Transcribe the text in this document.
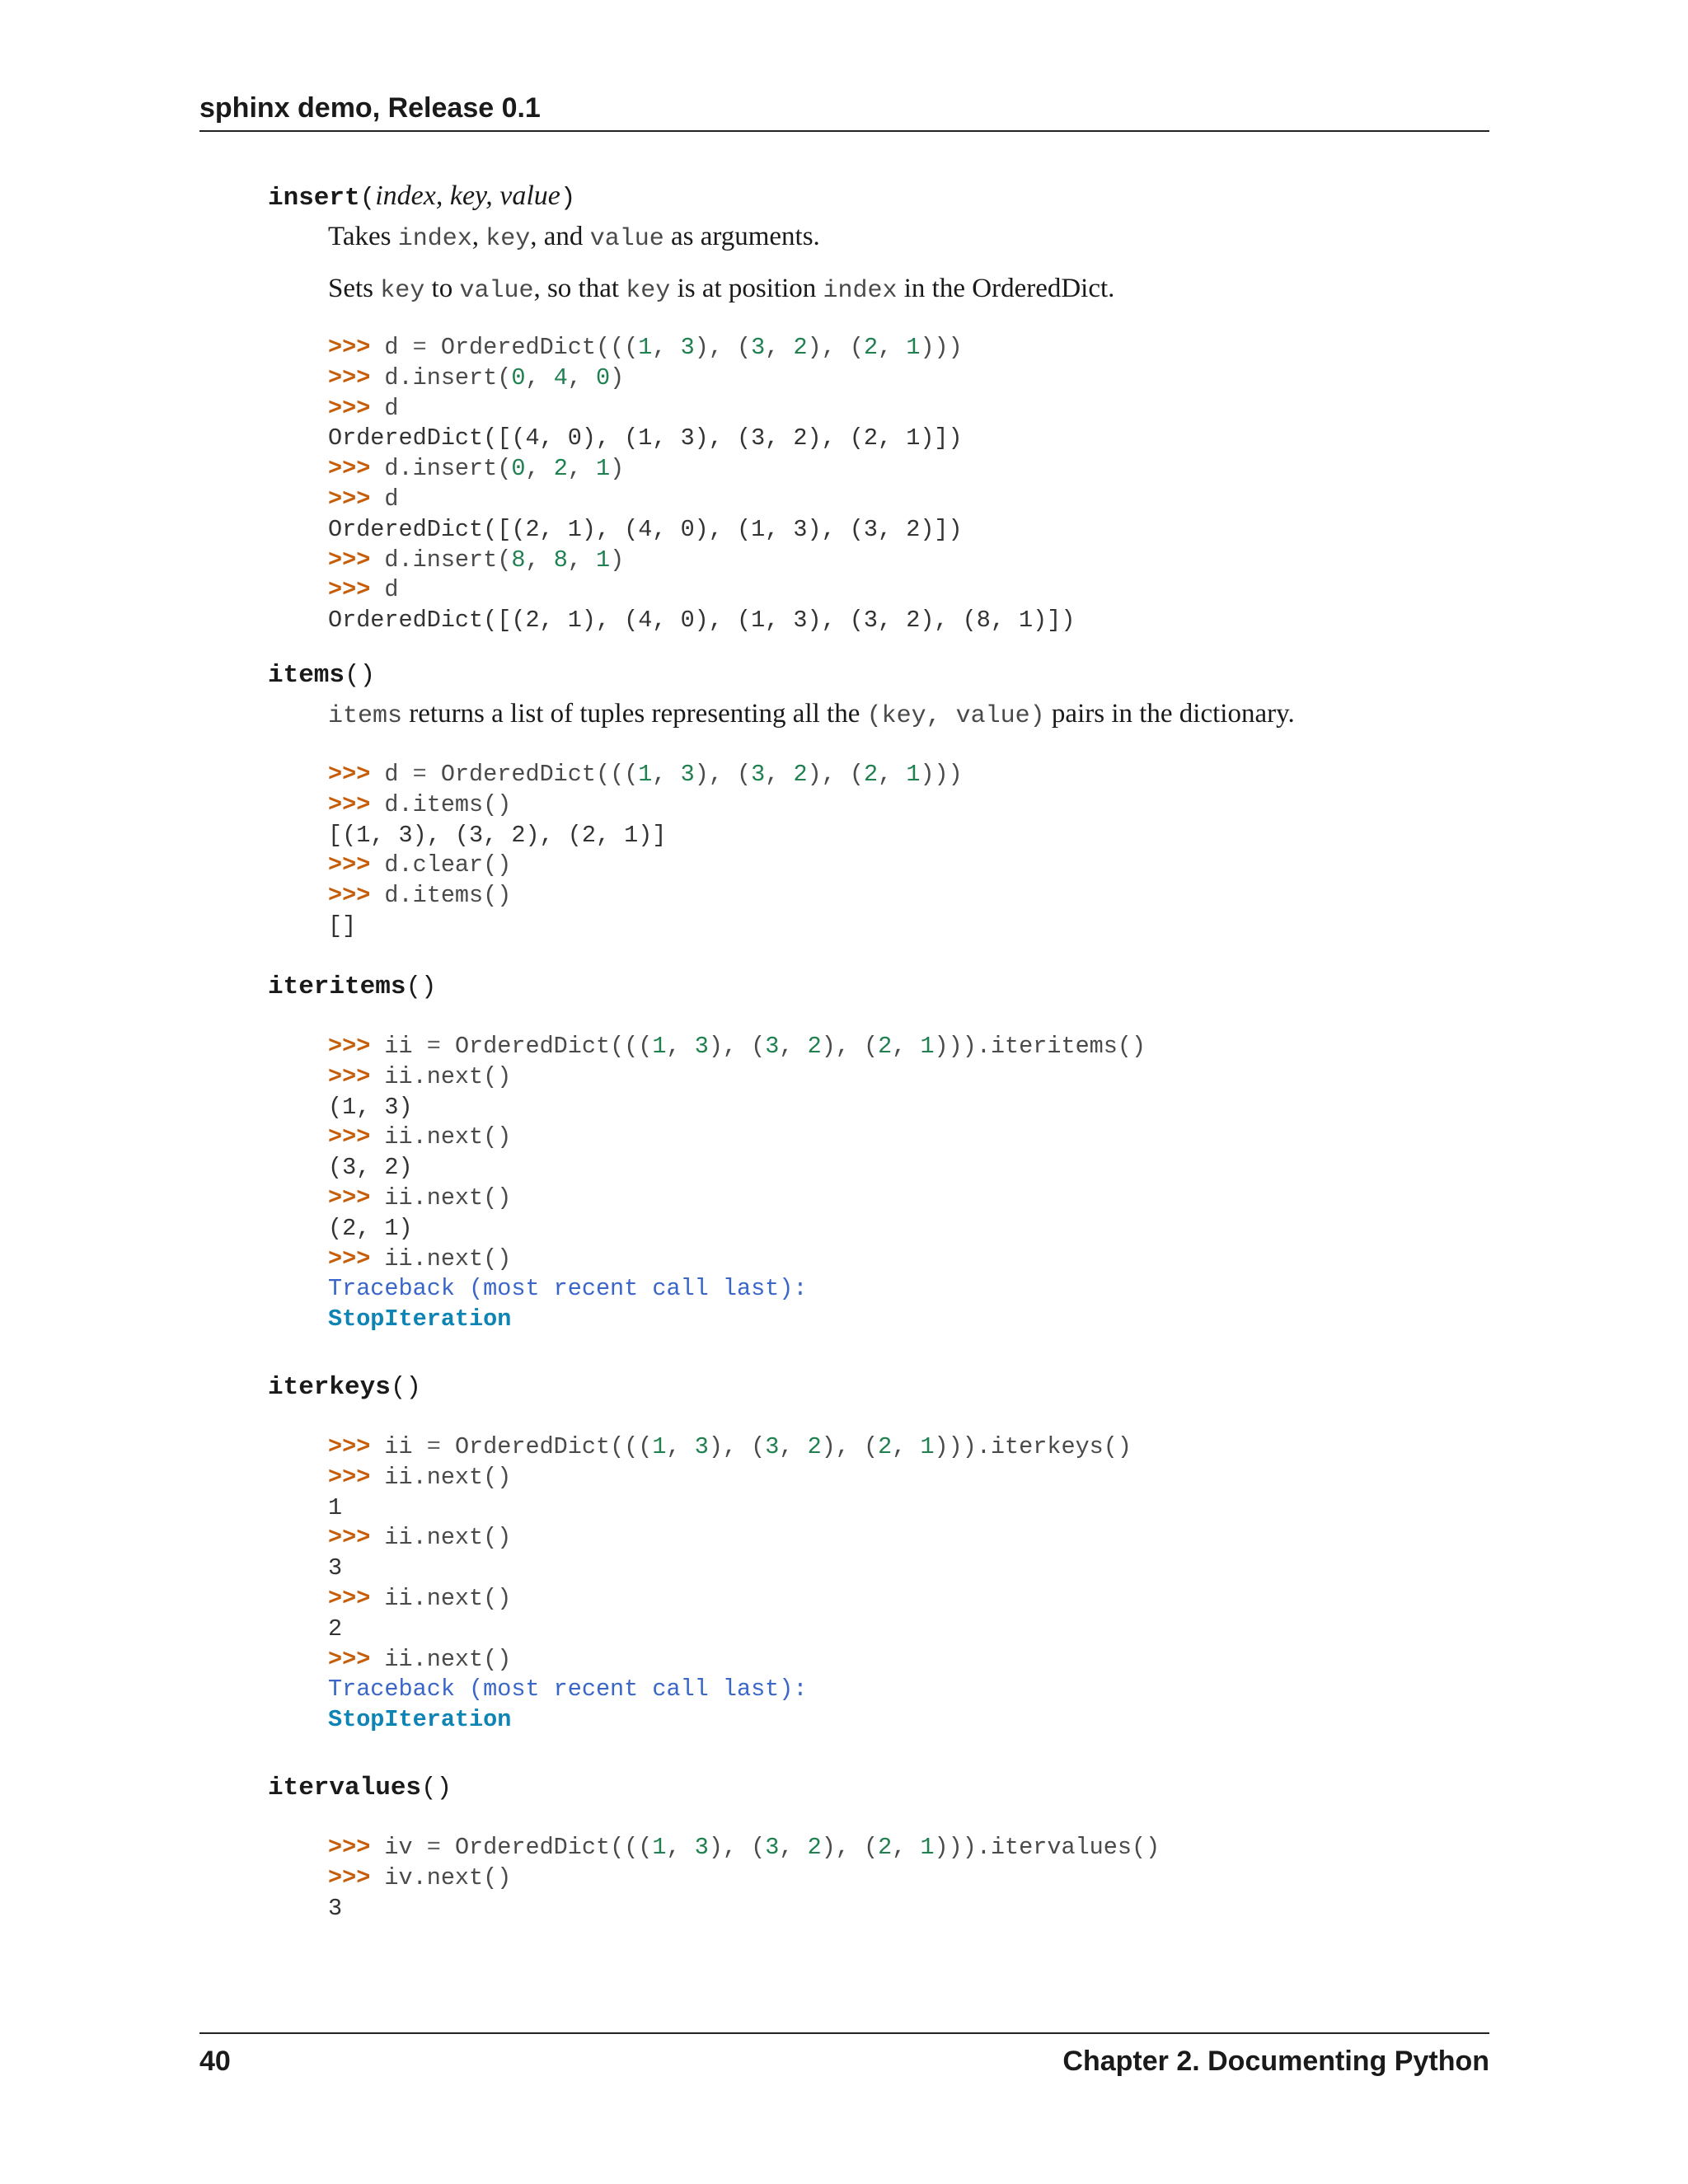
sphinx demo, Release 0.1
insert(index, key, value)

Takes index, key, and value as arguments.

Sets key to value, so that key is at position index in the OrderedDict.

>>> d = OrderedDict(((1, 3), (3, 2), (2, 1)))
>>> d.insert(0, 4, 0)
>>> d
OrderedDict([(4, 0), (1, 3), (3, 2), (2, 1)])
>>> d.insert(0, 2, 1)
>>> d
OrderedDict([(2, 1), (4, 0), (1, 3), (3, 2)])
>>> d.insert(8, 8, 1)
>>> d
OrderedDict([(2, 1), (4, 0), (1, 3), (3, 2), (8, 1)])
items()

items returns a list of tuples representing all the (key, value) pairs in the dictionary.

>>> d = OrderedDict(((1, 3), (3, 2), (2, 1)))
>>> d.items()
[(1, 3), (3, 2), (2, 1)]
>>> d.clear()
>>> d.items()
[]
iteritems()
>>> ii = OrderedDict(((1, 3), (3, 2), (2, 1))).iteritems()
>>> ii.next()
(1, 3)
>>> ii.next()
(3, 2)
>>> ii.next()
(2, 1)
>>> ii.next()
Traceback (most recent call last):
StopIteration
iterkeys()
>>> ii = OrderedDict(((1, 3), (3, 2), (2, 1))).iterkeys()
>>> ii.next()
1
>>> ii.next()
3
>>> ii.next()
2
>>> ii.next()
Traceback (most recent call last):
StopIteration
itervalues()
>>> iv = OrderedDict(((1, 3), (3, 2), (2, 1))).itervalues()
>>> iv.next()
3
40	Chapter 2. Documenting Python
